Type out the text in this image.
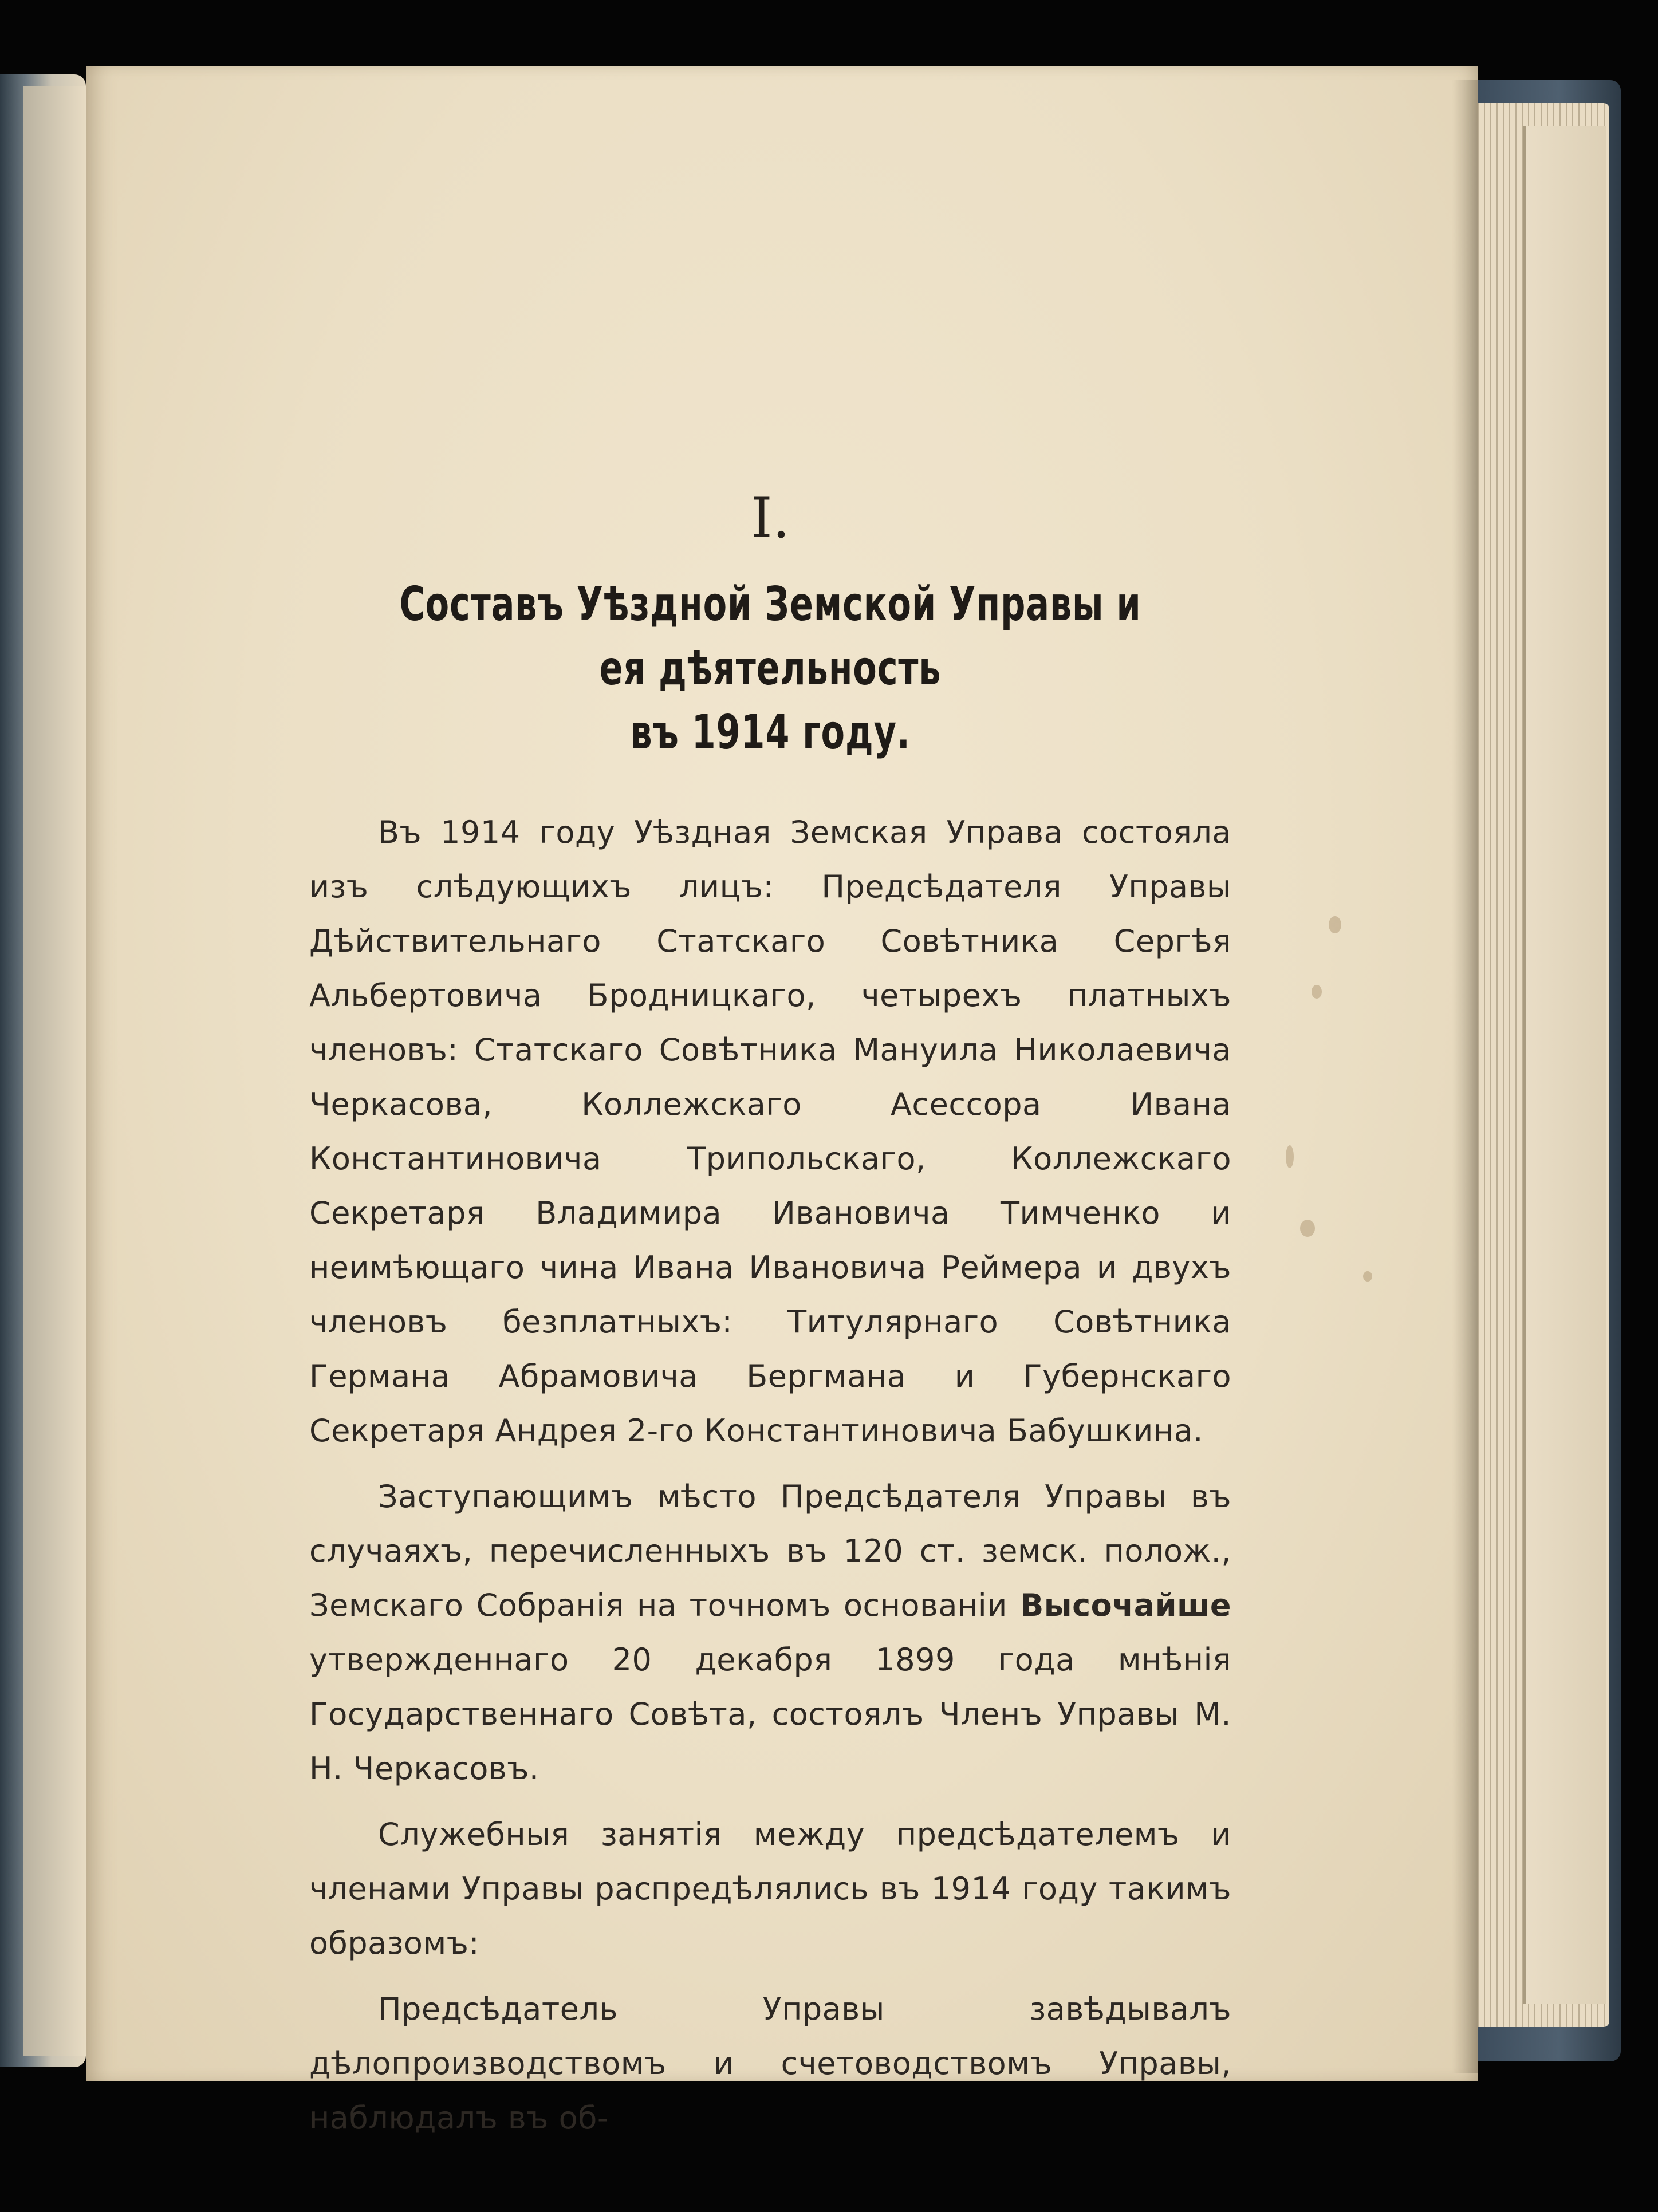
I.
Составъ Уѣздной Земской Управы и ея дѣятельность
въ 1914 году.

Въ 1914 году Уѣздная Земская Управа состояла изъ слѣдующихъ лицъ: Предсѣдателя Управы Дѣйствительнаго Статскаго Совѣтника Сергѣя Альбертовича Бродницкаго, четырехъ платныхъ членовъ: Статскаго Совѣтника Мануила Николаевича Черкасова, Коллежскаго Асессора Ивана Константиновича Трипольскаго, Коллежскаго Секретаря Владимира Ивановича Тимченко и неимѣющаго чина Ивана Ивановича Реймера и двухъ членовъ безплатныхъ: Титулярнаго Совѣтника Германа Абрамовича Бергмана и Губернскаго Секретаря Андрея 2-го Константиновича Бабушкина.

Заступающимъ мѣсто Предсѣдателя Управы въ случаяхъ, перечисленныхъ въ 120 ст. земск. полож., Земскаго Собранія на точномъ основаніи Высочайше утвержденнаго 20 декабря 1899 года мнѣнія Государственнаго Совѣта, состоялъ Членъ Управы М. Н. Черкасовъ.

Служебныя занятія между предсѣдателемъ и членами Управы распредѣлялись въ 1914 году такимъ образомъ:

Предсѣдатель Управы завѣдывалъ дѣлопроизводствомъ и счетоводствомъ Управы, наблюдалъ въ об-
